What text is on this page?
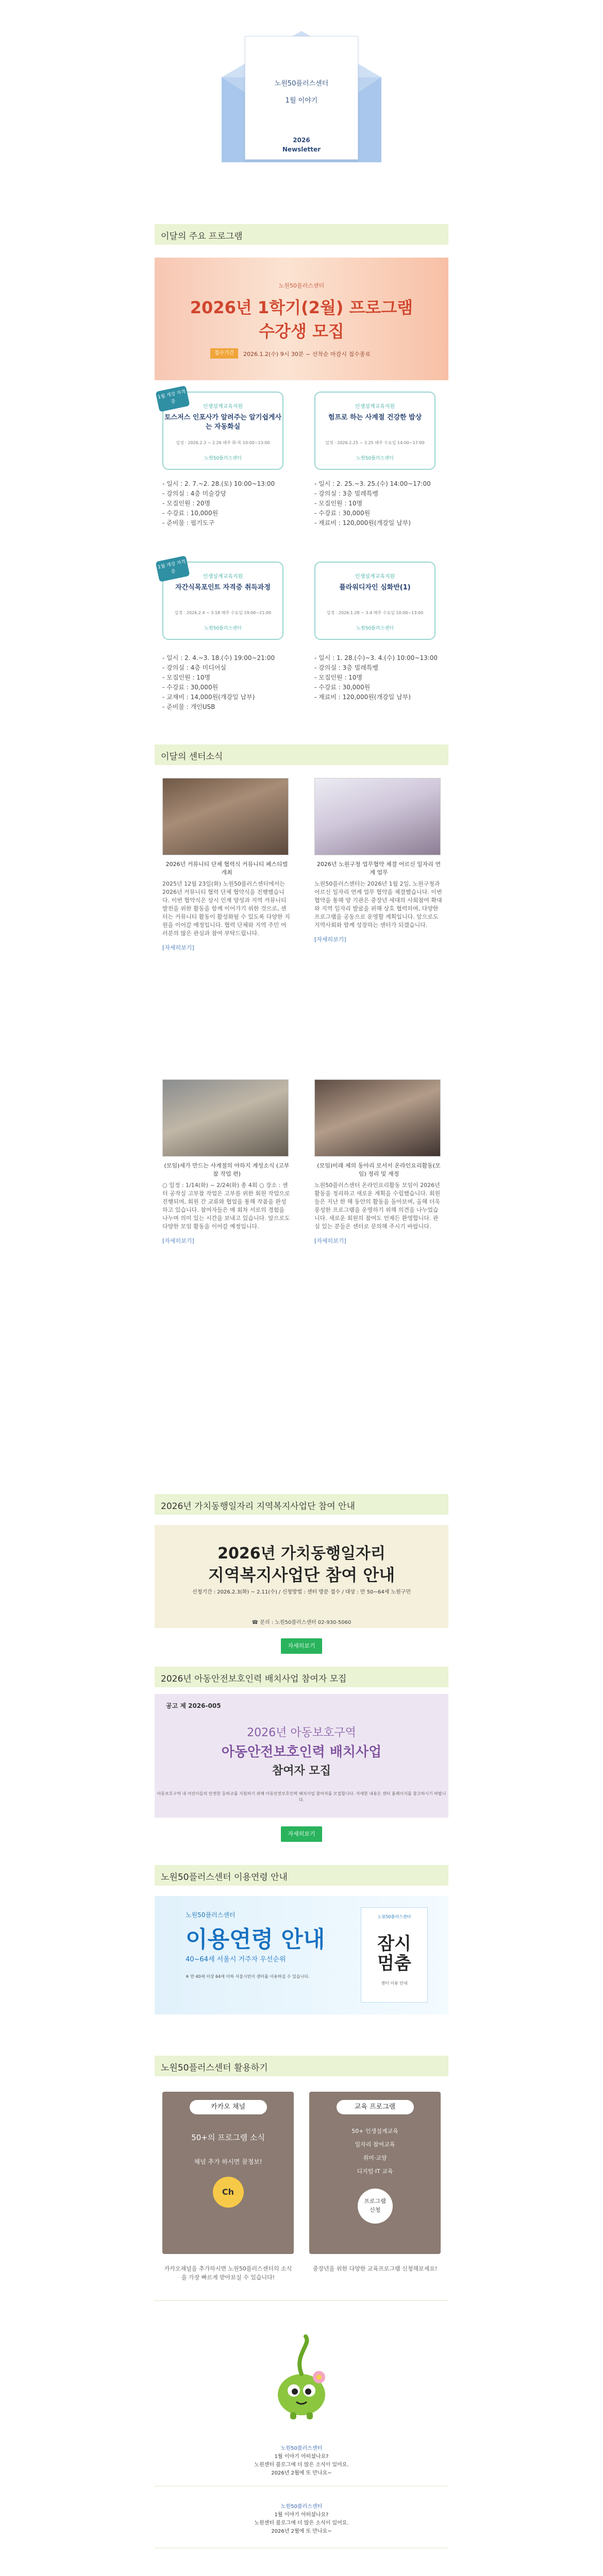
노원50플러스센터
1월 이야기
2026
Newsletter
이달의 주요 프로그램
노원50플러스센터
2026년 1학기(2월) 프로그램
수강생 모집
접수기간	2026.1.2(수) 9시 30분 ~ 선착순 마감시 접수종료
1월 개강 자격증
인생설계교육지원
토스저스 인포사가 알려주는 알기쉽게사는 자동화실
일정 · 2026.2.3 ~ 2.26 매주 화·목 10:00~13:00
노원50플러스센터
인생설계교육지원
험프로 하는 사계절 건강한 밥상
일정 · 2026.2.25 ~ 3.25 매주 수요일 14:00~17:00
노원50플러스센터
- 일시 : 2. 7.~2. 28.(토) 10:00~13:00
- 강의실 : 4층 미술강당
- 모집인원 : 20명
- 수강료 : 10,000원
- 준비물 : 필기도구
- 일시 : 2. 25.~3. 25.(수) 14:00~17:00
- 강의실 : 3층 빌레특뱅
- 모집인원 : 10명
- 수강료 : 30,000원
- 재료비 : 120,000원(개강일 납부)
1월 개강 자격증
인생설계교육지원
자간식목포인트 자격증 취득과정
일정 · 2026.2.4 ~ 3.18 매주 수요일 19:00~21:00
노원50플러스센터
인생설계교육지원
플라워디자인 심화반(1)
일정 · 2026.1.28 ~ 3.4 매주 수요일 10:00~13:00
노원50플러스센터
- 일시 : 2. 4.~3. 18.(수) 19:00~21:00
- 강의실 : 4층 미디어실
- 모집인원 : 10명
- 수강료 : 30,000원
- 교재비 : 14,000원(개강일 납부)
- 준비물 : 개인USB
- 일시 : 1. 28.(수)~3. 4.(수) 10:00~13:00
- 강의실 : 3층 빌레특뱅
- 모집인원 : 10명
- 수강료 : 30,000원
- 재료비 : 120,000원(개강일 납부)
이달의 센터소식
2026년 커뮤니티 단체 협력식 커뮤니티 페스티벌 개최
2025년 12월 23일(화) 노원50플러스센터에서는 2026년 커뮤니티 협력 단체 협약식을 진행했습니다. 이번 협약식은 상시 인재 양성과 지역 커뮤니티 발전을 위한 활동을 함께 이어가기 위한 것으로, 센터는 커뮤니티 활동이 활성화될 수 있도록 다양한 지원을 이어갈 예정입니다. 협력 단체와 지역 주민 여러분의 많은 관심과 참여 부탁드립니다.
[자세히보기]
2026년 노원구청 업무협약 체결 어르신 일자리 연계 업무
노원50플러스센터는 2026년 1월 2일, 노원구청과 어르신 일자리 연계 업무 협약을 체결했습니다. 이번 협약을 통해 양 기관은 중장년 세대의 사회참여 확대와 지역 일자리 발굴을 위해 상호 협력하며, 다양한 프로그램을 공동으로 운영할 계획입니다. 앞으로도 지역사회와 함께 성장하는 센터가 되겠습니다.
[자세히보기]
(모임)세가 만드는 사계절의 아하지 계성소식 (고부참 작업 편)
○ 일정 : 1/14(화) ~ 2/24(화) 총 4회 ○ 장소 : 센터 공작실 고부참 작업은 고부를 위한 회원 작업으로 진행되며, 회원 간 교류와 협업을 통해 작품을 완성하고 있습니다. 참여자들은 매 회차 서로의 경험을 나누며 의미 있는 시간을 보내고 있습니다. 앞으로도 다양한 모임 활동을 이어갈 예정입니다.
[자세히보기]
(모임)미래 체의 동아리 모서서 온라인요리활동(모임) 정리 및 재정
노원50플러스센터 온라인요리활동 모임이 2026년 활동을 정리하고 새로운 계획을 수립했습니다. 회원들은 지난 한 해 동안의 활동을 돌아보며, 올해 더욱 풍성한 프로그램을 운영하기 위해 의견을 나누었습니다. 새로운 회원의 참여도 언제든 환영합니다. 관심 있는 분들은 센터로 문의해 주시기 바랍니다.
[자세히보기]
2026년 가치동행일자리 지역복지사업단 참여 안내
2026년 가치동행일자리
지역복지사업단 참여 안내
신청기간 : 2026.2.3(화) ~ 2.11(수) / 신청방법 : 센터 방문 접수 / 대상 : 만 50~64세 노원구민
☎ 문의 : 노원50플러스센터 02-930-5060
자세히보기
2026년 아동안전보호인력 배치사업 참여자 모집
공고 제 2026-005
2026년 아동보호구역
아동안전보호인력 배치사업
참여자 모집
아동보호구역 내 어린이들의 안전한 등하교를 지원하기 위해 아동안전보호인력 배치사업 참여자를 모집합니다. 자세한 내용은 센터 홈페이지를 참고하시기 바랍니다.
자세히보기
노원50플러스센터 이용연령 안내
노원50플러스센터
이용연령 안내
40~64세 서울시 거주자 우선순위
※ 만 40세 이상 64세 이하 서울시민이 센터를 이용하실 수 있습니다.
노원50플러스센터
잠시
멈춤
센터 이용 안내
노원50플러스센터 활용하기
카카오 채널
50+의 프로그램 소식
채널 추가 하시면 꿀정보!
Ch
교육 프로그램
50+ 인생설계교육
일자리 참여교육
취미·교양
디지털·IT 교육
프로그램
신청
카카오채널을 추가하시면 노원50플러스센터의 소식을 가장 빠르게 받아보실 수 있습니다!
중장년을 위한 다양한 교육프로그램 신청해보세요!
노원50플러스센터
1월 이야기 어떠셨나요?
노원센터 블로그에 더 많은 소식이 있어요.
2026년 2월에 또 만나요~
노원50플러스센터
1월 이야기 어떠셨나요?
노원센터 블로그에 더 많은 소식이 있어요.
2026년 2월에 또 만나요~
